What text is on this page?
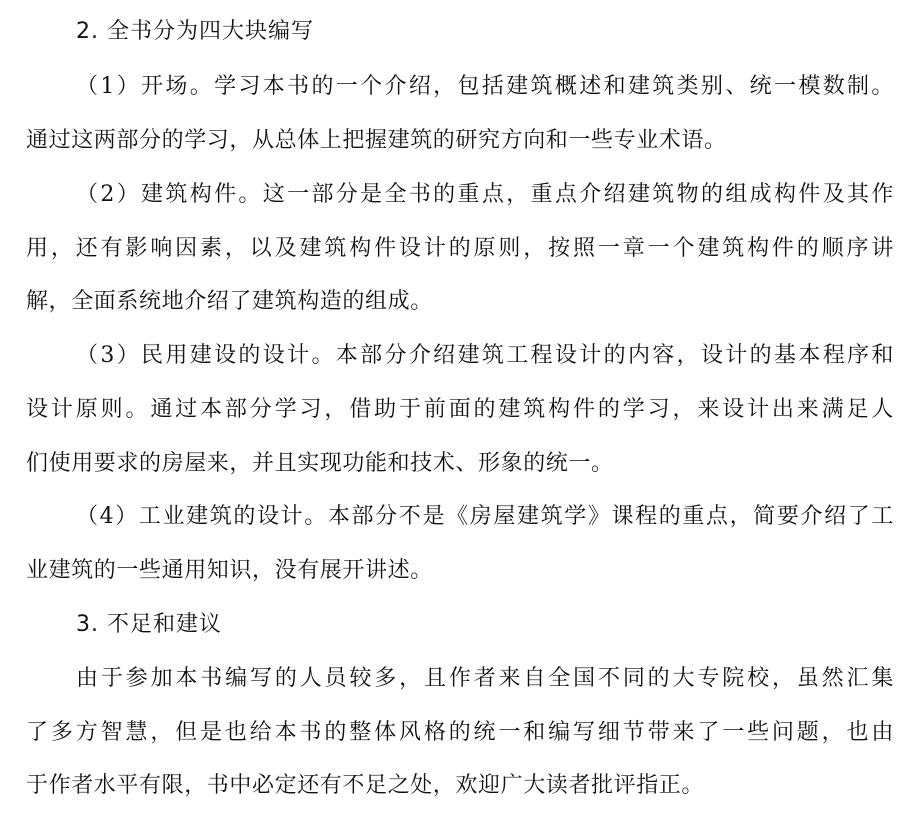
2. 全书分为四大块编写
（1）开场。学习本书的一个介绍，包括建筑概述和建筑类别、统一模数制。
通过这两部分的学习，从总体上把握建筑的研究方向和一些专业术语。
（2）建筑构件。这一部分是全书的重点，重点介绍建筑物的组成构件及其作
用，还有影响因素，以及建筑构件设计的原则，按照一章一个建筑构件的顺序讲
解，全面系统地介绍了建筑构造的组成。
（3）民用建设的设计。本部分介绍建筑工程设计的内容，设计的基本程序和
设计原则。通过本部分学习，借助于前面的建筑构件的学习，来设计出来满足人
们使用要求的房屋来，并且实现功能和技术、形象的统一。
（4）工业建筑的设计。本部分不是《房屋建筑学》课程的重点，简要介绍了工
业建筑的一些通用知识，没有展开讲述。
3. 不足和建议
由于参加本书编写的人员较多，且作者来自全国不同的大专院校，虽然汇集
了多方智慧，但是也给本书的整体风格的统一和编写细节带来了一些问题，也由
于作者水平有限，书中必定还有不足之处，欢迎广大读者批评指正。
